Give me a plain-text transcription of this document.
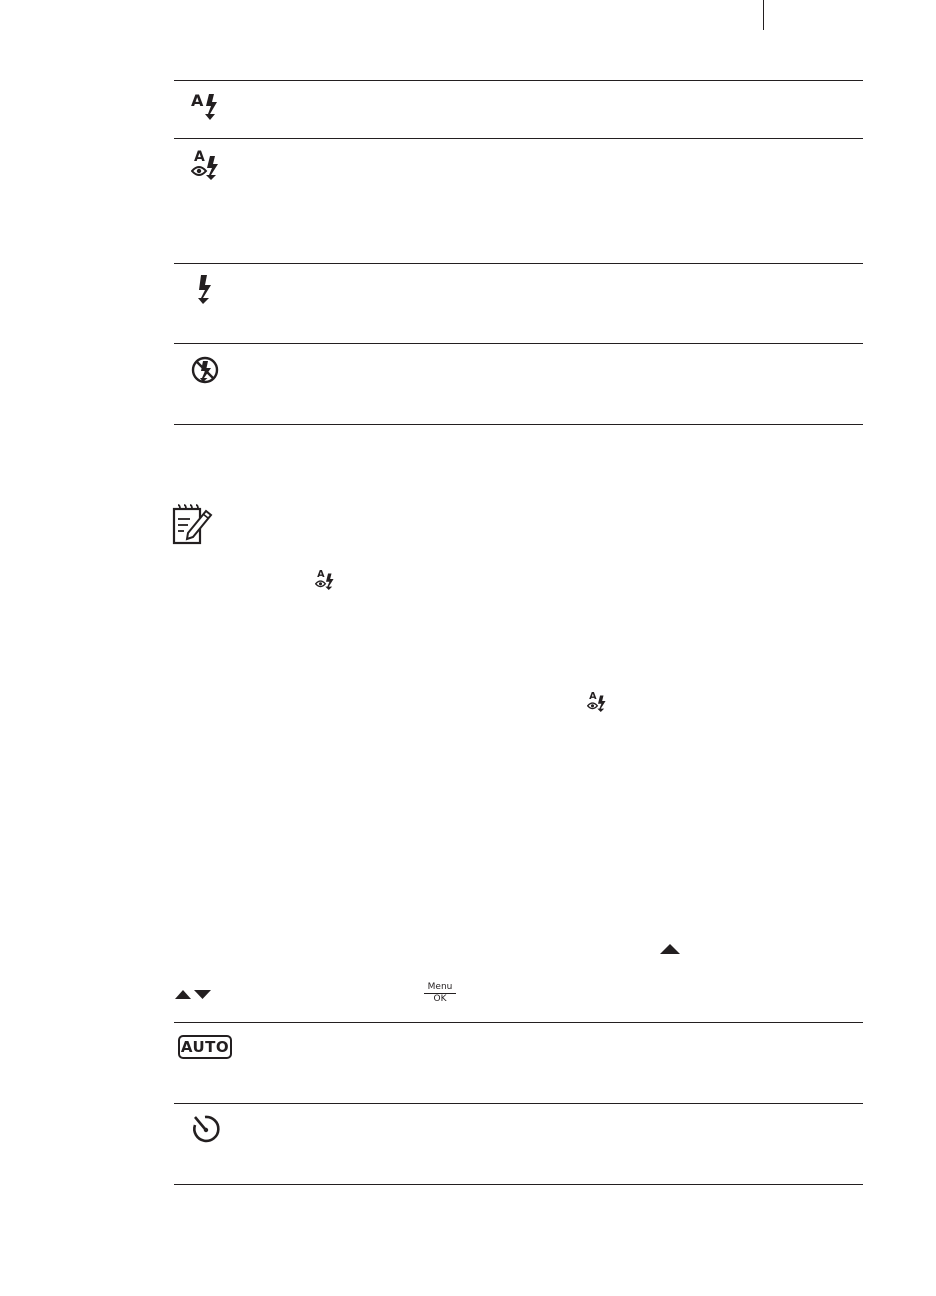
A
A
A
A
Menu
OK
AUTO
